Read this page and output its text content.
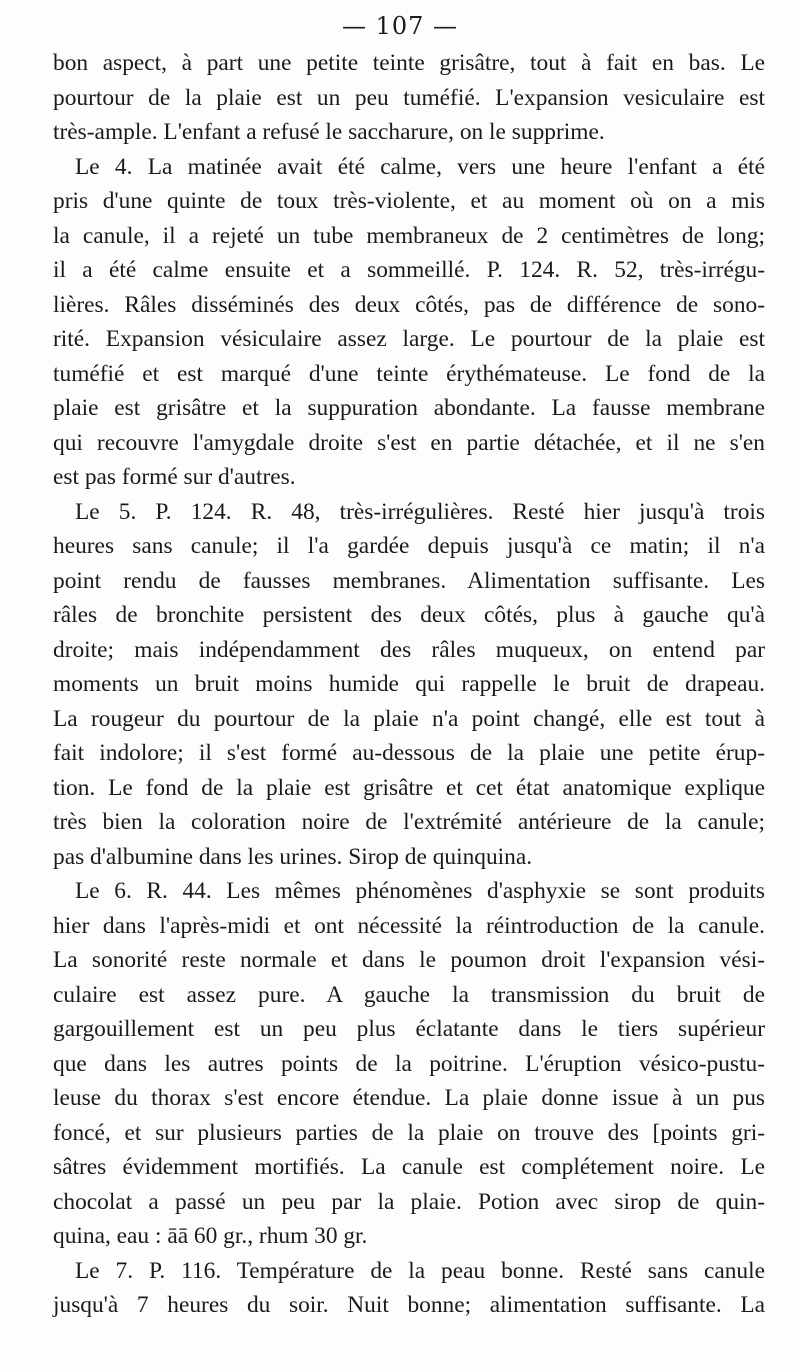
— 107 —

bon aspect, à part une petite teinte grisâtre, tout à fait en bas. Le
pourtour de la plaie est un peu tuméfié. L'expansion vesiculaire est
très-ample. L'enfant a refusé le saccharure, on le supprime.

Le 4. La matinée avait été calme, vers une heure l'enfant a été
pris d'une quinte de toux très-violente, et au moment où on a mis
la canule, il a rejeté un tube membraneux de 2 centimètres de long;
il a été calme ensuite et a sommeillé. P. 124. R. 52, très-irrégu-
lières. Râles disséminés des deux côtés, pas de différence de sono-
rité. Expansion vésiculaire assez large. Le pourtour de la plaie est
tuméfié et est marqué d'une teinte érythémateuse. Le fond de la
plaie est grisâtre et la suppuration abondante. La fausse membrane
qui recouvre l'amygdale droite s'est en partie détachée, et il ne s'en
est pas formé sur d'autres.

Le 5. P. 124. R. 48, très-irrégulières. Resté hier jusqu'à trois
heures sans canule; il l'a gardée depuis jusqu'à ce matin; il n'a
point rendu de fausses membranes. Alimentation suffisante. Les
râles de bronchite persistent des deux côtés, plus à gauche qu'à
droite; mais indépendamment des râles muqueux, on entend par
moments un bruit moins humide qui rappelle le bruit de drapeau.
La rougeur du pourtour de la plaie n'a point changé, elle est tout à
fait indolore; il s'est formé au-dessous de la plaie une petite érup-
tion. Le fond de la plaie est grisâtre et cet état anatomique explique
très bien la coloration noire de l'extrémité antérieure de la canule;
pas d'albumine dans les urines. Sirop de quinquina.

Le 6. R. 44. Les mêmes phénomènes d'asphyxie se sont produits
hier dans l'après-midi et ont nécessité la réintroduction de la canule.
La sonorité reste normale et dans le poumon droit l'expansion vési-
culaire est assez pure. A gauche la transmission du bruit de
gargouillement est un peu plus éclatante dans le tiers supérieur
que dans les autres points de la poitrine. L'éruption vésico-pustu-
leuse du thorax s'est encore étendue. La plaie donne issue à un pus
foncé, et sur plusieurs parties de la plaie on trouve des [points gri-
sâtres évidemment mortifiés. La canule est complétement noire. Le
chocolat a passé un peu par la plaie. Potion avec sirop de quin-
quina, eau : āā 60 gr., rhum 30 gr.

Le 7. P. 116. Température de la peau bonne. Resté sans canule
jusqu'à 7 heures du soir. Nuit bonne; alimentation suffisante. La
